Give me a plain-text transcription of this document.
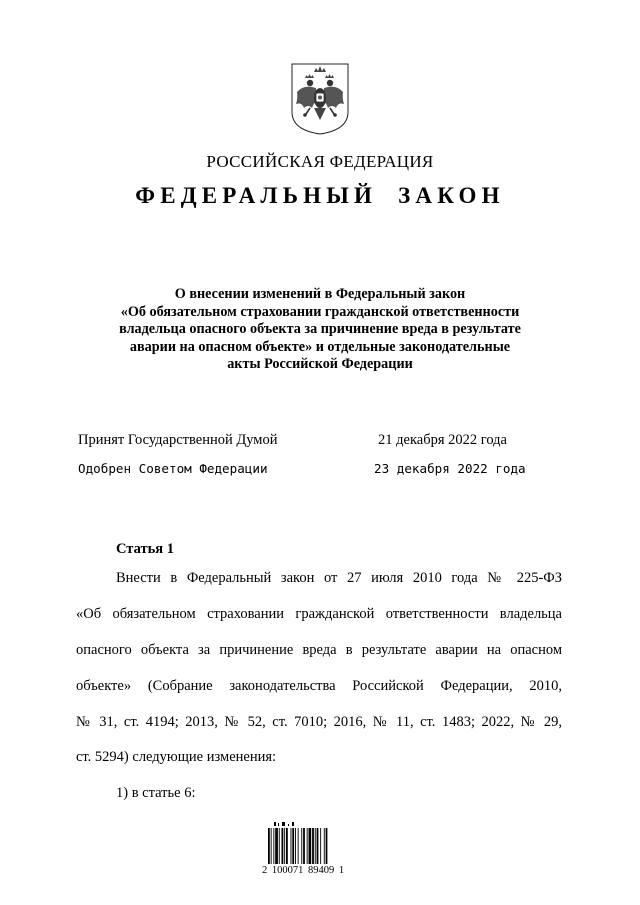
РОССИЙСКАЯ ФЕДЕРАЦИЯ
ФЕДЕРАЛЬНЫЙ ЗАКОН
О внесении изменений в Федеральный закон
«Об обязательном страховании гражданской ответственности
владельца опасного объекта за причинение вреда в результате
аварии на опасном объекте» и отдельные законодательные
акты Российской Федерации
Принят Государственной Думой	21 декабря 2022 года
Одобрен Советом Федерации	23 декабря 2022 года
Статья 1
Внести в Федеральный закон от 27 июля 2010 года № 225-ФЗ
«Об обязательном страховании гражданской ответственности владельца
опасного объекта за причинение вреда в результате аварии на опасном
объекте» (Собрание законодательства Российской Федерации, 2010,
№ 31, ст. 4194; 2013, № 52, ст. 7010; 2016, № 11, ст. 1483; 2022, № 29,
ст. 5294) следующие изменения:
1) в статье 6:
2 100071 89409 1
